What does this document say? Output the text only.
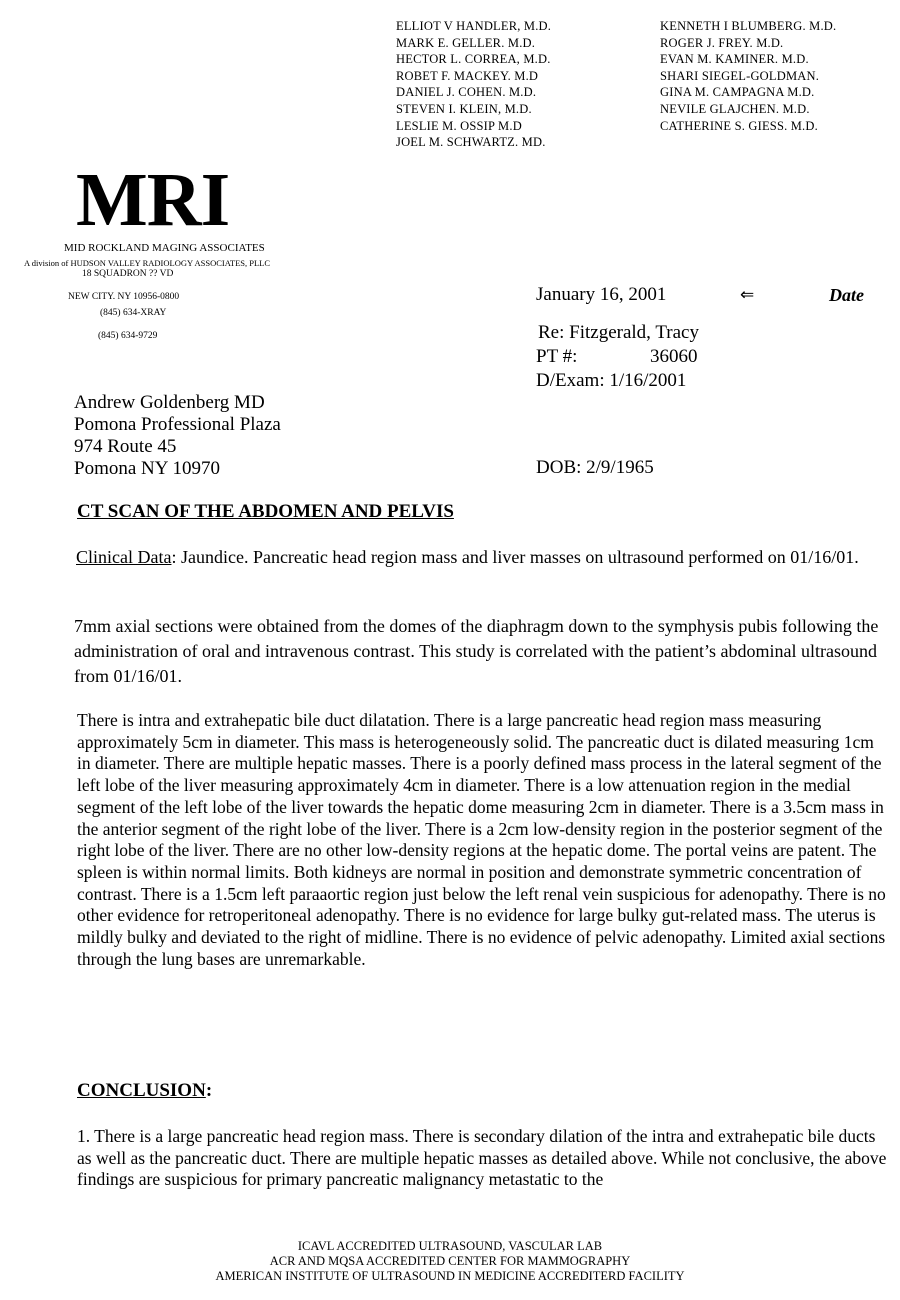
ELLIOT V HANDLER, M.D.
MARK E. GELLER. M.D.
HECTOR L. CORREA, M.D.
ROBET F. MACKEY. M.D
DANIEL J. COHEN. M.D.
STEVEN I. KLEIN, M.D.
LESLIE M. OSSIP M.D
JOEL M. SCHWARTZ. MD.
KENNETH I BLUMBERG. M.D.
ROGER J. FREY. M.D.
EVAN M. KAMINER. M.D.
SHARI SIEGEL-GOLDMAN.
GINA M. CAMPAGNA M.D.
NEVILE GLAJCHEN. M.D.
CATHERINE S. GIESS. M.D.
MRI
MID ROCKLAND MAGING ASSOCIATES
A division of HUDSON VALLEY RADIOLOGY ASSOCIATES, PLLC
18 SQUADRON ?? VD
NEW CITY. NY 10956-0800
(845) 634-XRAY
(845) 634-9729
January 16, 2001	⇐	Date
Re: Fitzgerald, Tracy
PT #:	36060
D/Exam: 1/16/2001
DOB: 2/9/1965
Andrew Goldenberg MD
Pomona Professional Plaza
974 Route 45
Pomona NY 10970
CT SCAN OF THE ABDOMEN AND PELVIS
Clinical Data: Jaundice. Pancreatic head region mass and liver masses on ultrasound performed on 01/16/01.
7mm axial sections were obtained from the domes of the diaphragm down to the symphysis pubis following the administration of oral and intravenous contrast. This study is correlated with the patient’s abdominal ultrasound from 01/16/01.
There is intra and extrahepatic bile duct dilatation. There is a large pancreatic head region mass measuring approximately 5cm in diameter. This mass is heterogeneously solid. The pancreatic duct is dilated measuring 1cm in diameter. There are multiple hepatic masses. There is a poorly defined mass process in the lateral segment of the left lobe of the liver measuring approximately 4cm in diameter. There is a low attenuation region in the medial segment of the left lobe of the liver towards the hepatic dome measuring 2cm in diameter. There is a 3.5cm mass in the anterior segment of the right lobe of the liver. There is a 2cm low-density region in the posterior segment of the right lobe of the liver. There are no other low-density regions at the hepatic dome. The portal veins are patent. The spleen is within normal limits. Both kidneys are normal in position and demonstrate symmetric concentration of contrast. There is a 1.5cm left paraaortic region just below the left renal vein suspicious for adenopathy. There is no other evidence for retroperitoneal adenopathy. There is no evidence for large bulky gut-related mass. The uterus is mildly bulky and deviated to the right of midline. There is no evidence of pelvic adenopathy. Limited axial sections through the lung bases are unremarkable.
CONCLUSION:
1. There is a large pancreatic head region mass. There is secondary dilation of the intra and extrahepatic bile ducts as well as the pancreatic duct. There are multiple hepatic masses as detailed above. While not conclusive, the above findings are suspicious for primary pancreatic malignancy metastatic to the
ICAVL ACCREDITED ULTRASOUND, VASCULAR LAB
ACR AND MQSA ACCREDITED CENTER FOR MAMMOGRAPHY
AMERICAN INSTITUTE OF ULTRASOUND IN MEDICINE ACCREDITERD FACILITY
